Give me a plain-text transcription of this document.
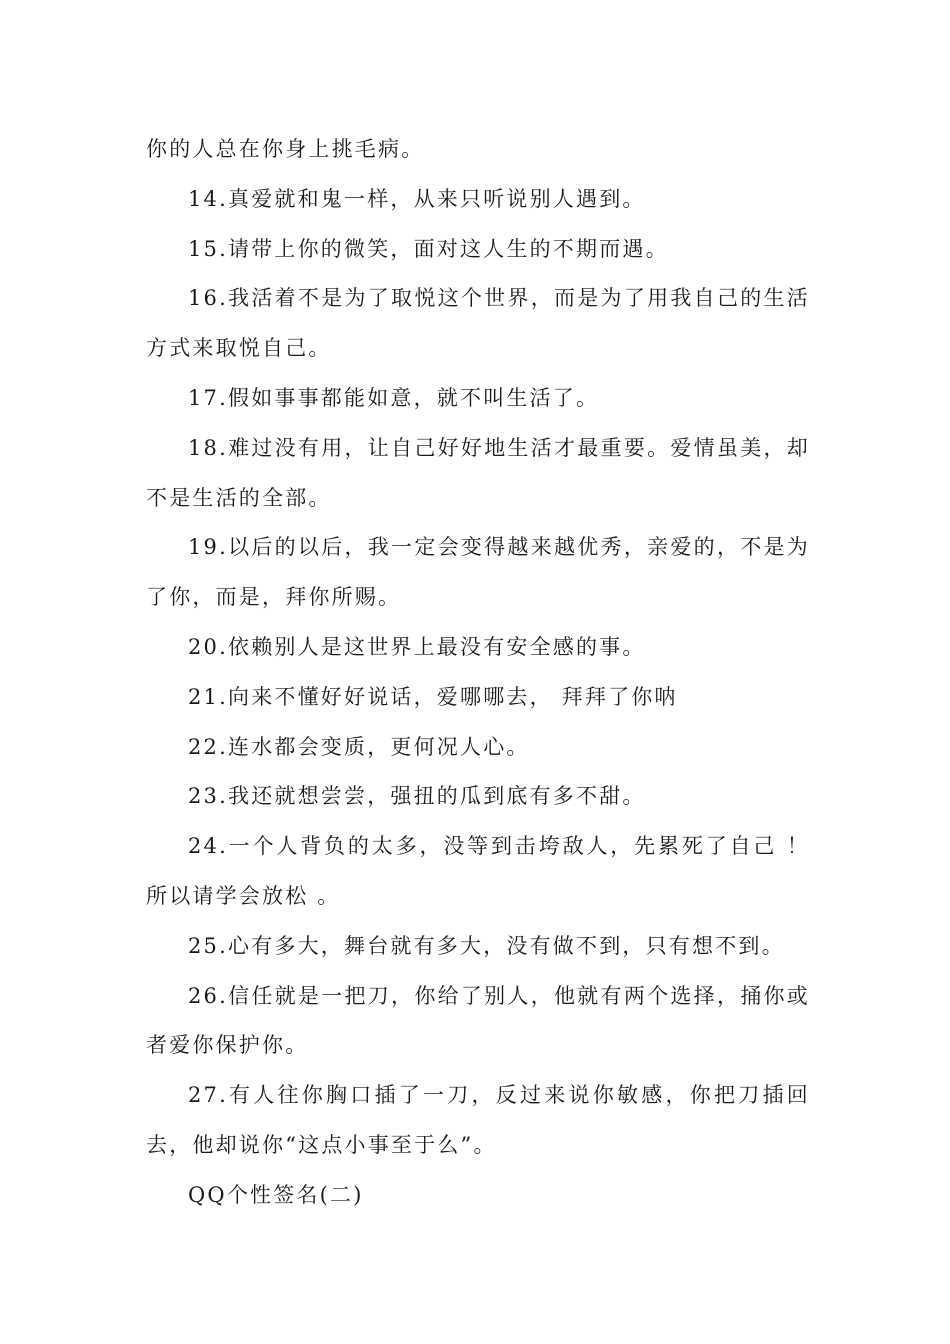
你的人总在你身上挑毛病。

14.真爱就和鬼一样，从来只听说别人遇到。

15.请带上你的微笑，面对这人生的不期而遇。

16.我活着不是为了取悦这个世界，而是为了用我自己的生活方式来取悦自己。

17.假如事事都能如意，就不叫生活了。

18.难过没有用，让自己好好地生活才最重要。爱情虽美，却不是生活的全部。

19.以后的以后，我一定会变得越来越优秀，亲爱的，不是为了你，而是，拜你所赐。

20.依赖别人是这世界上最没有安全感的事。

21.向来不懂好好说话，爱哪哪去， 拜拜了你呐

22.连水都会变质，更何况人心。

23.我还就想尝尝，强扭的瓜到底有多不甜。

24.一个人背负的太多，没等到击垮敌人，先累死了自己 ！ 所以请学会放松 。

25.心有多大，舞台就有多大，没有做不到，只有想不到。

26.信任就是一把刀，你给了别人，他就有两个选择，捅你或者爱你保护你。

27.有人往你胸口插了一刀，反过来说你敏感，你把刀插回去，他却说你“这点小事至于么”。

QQ个性签名(二)
